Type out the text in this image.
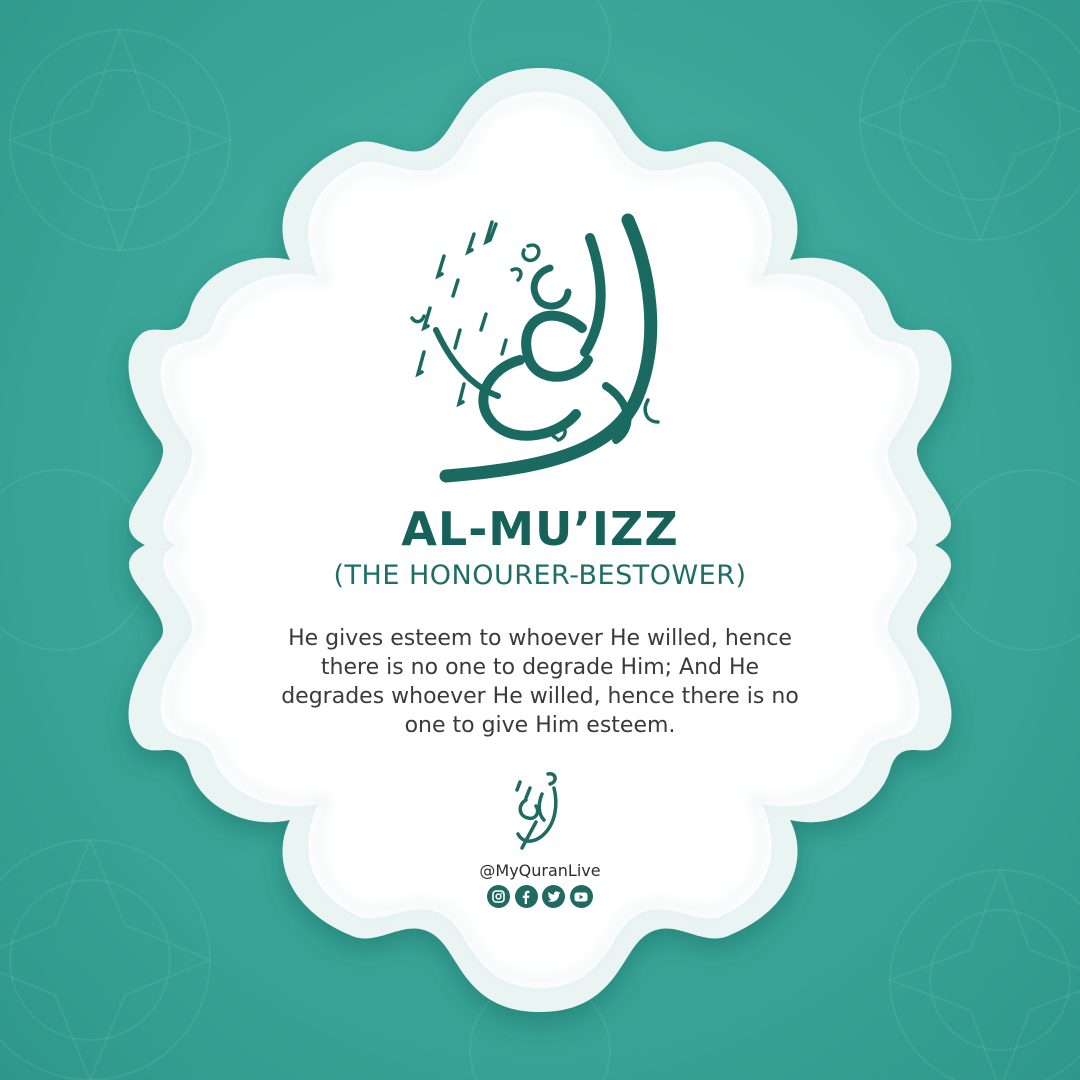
AL-MU’IZZ
(THE HONOURER-BESTOWER)
He gives esteem to whoever He willed, hence
there is no one to degrade Him; And He
degrades whoever He willed, hence there is no
one to give Him esteem.
@MyQuranLive
